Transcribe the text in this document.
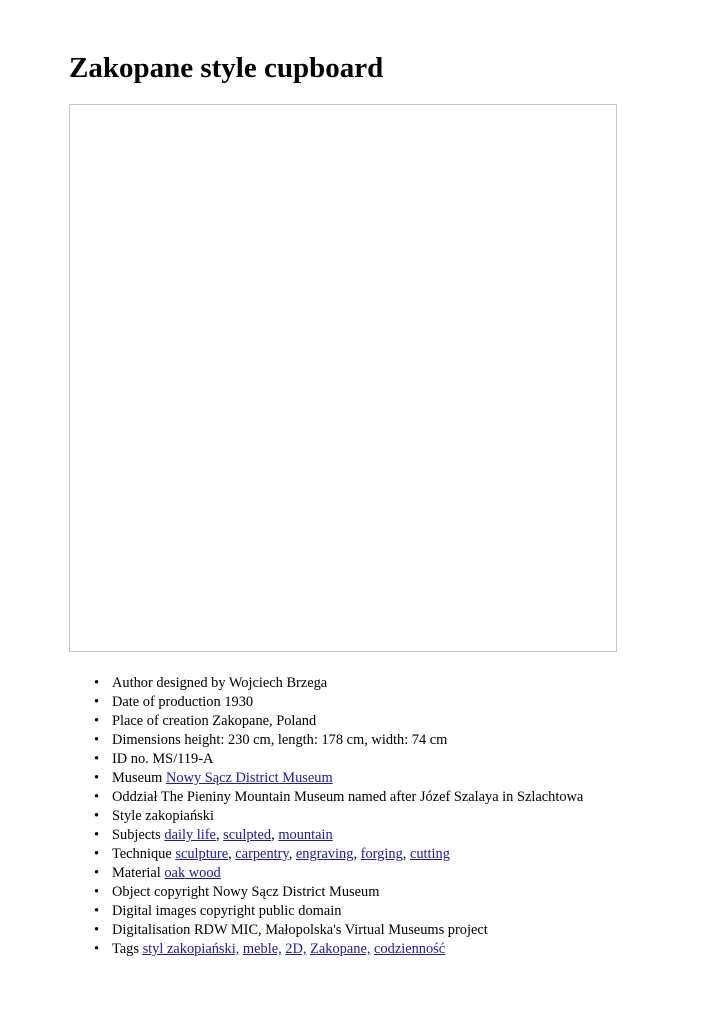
Zakopane style cupboard
• Author designed by Wojciech Brzega
• Date of production 1930
• Place of creation Zakopane, Poland
• Dimensions height: 230 cm, length: 178 cm, width: 74 cm
• ID no. MS/119-A
• Museum Nowy Sącz District Museum
• Oddział The Pieniny Mountain Museum named after Józef Szalaya in Szlachtowa
• Style zakopiański
• Subjects daily life, sculpted, mountain
• Technique sculpture, carpentry, engraving, forging, cutting
• Material oak wood
• Object copyright Nowy Sącz District Museum
• Digital images copyright public domain
• Digitalisation RDW MIC, Małopolska's Virtual Museums project
• Tags styl zakopiański, meble, 2D, Zakopane, codzienność
